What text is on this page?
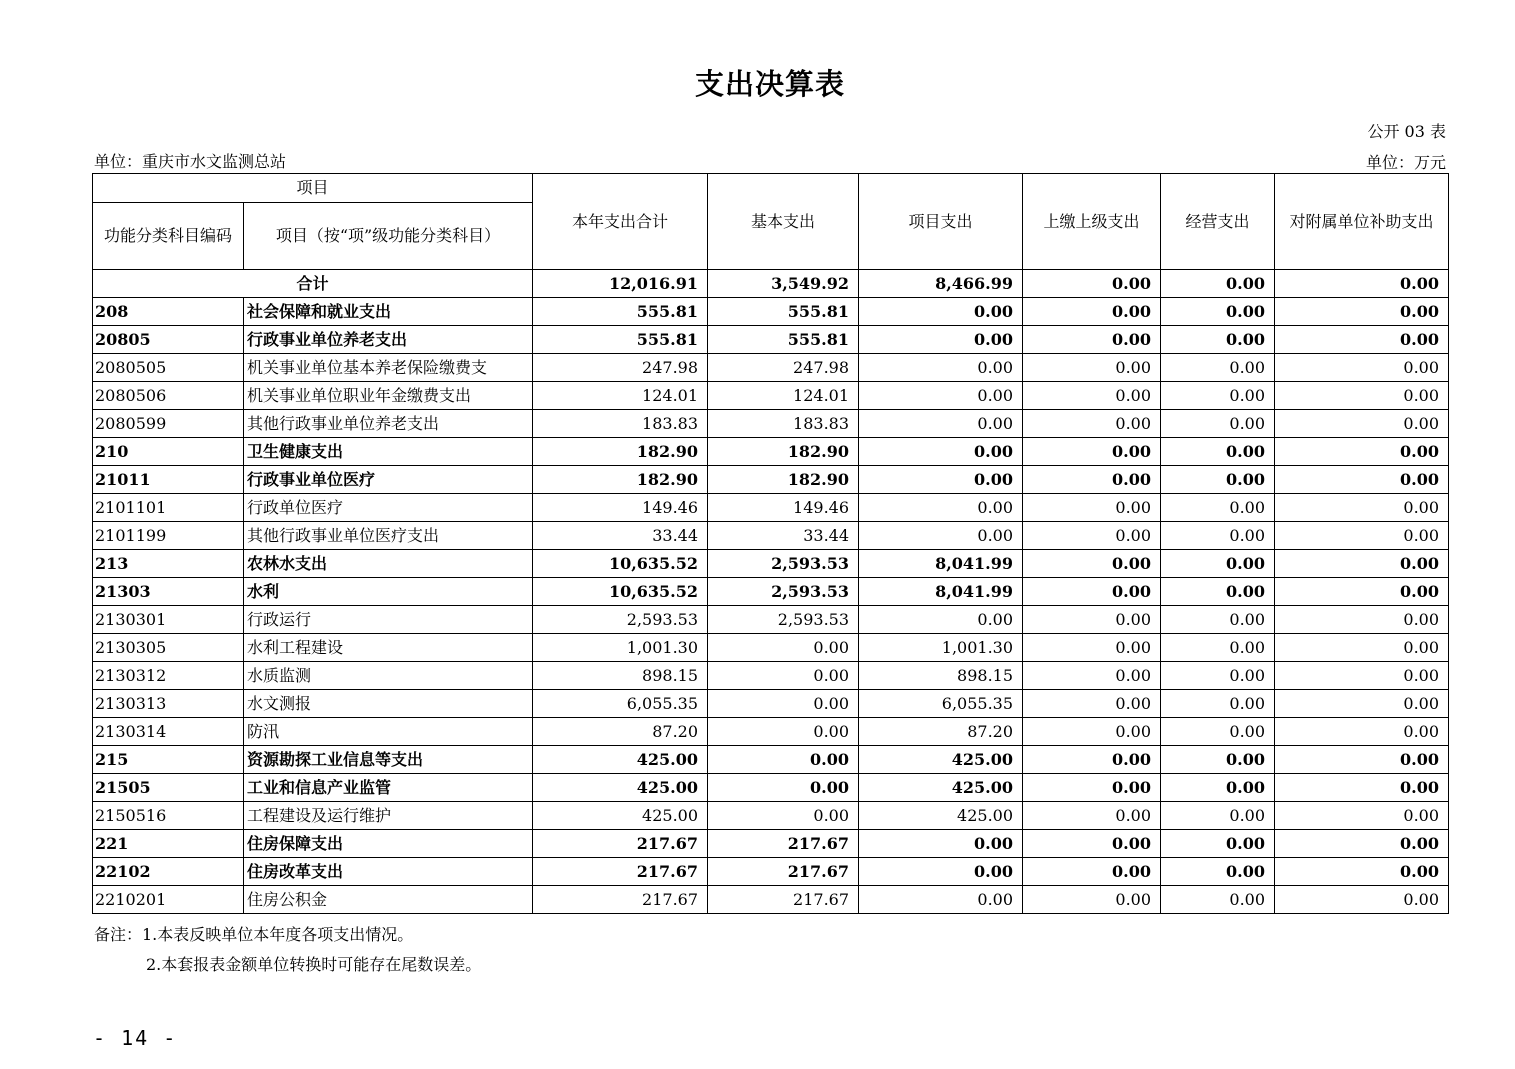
支出决算表
公开 03 表
单位：重庆市水文监测总站	单位：万元
项目		本年支出合计	基本支出	项目支出	上缴上级支出	经营支出	对附属单位补助支出
功能分类科目编码	项目（按“项”级功能分类科目）						
合计		12,016.91	3,549.92	8,466.99	0.00	0.00	0.00
208	社会保障和就业支出	555.81	555.81	0.00	0.00	0.00	0.00
20805	行政事业单位养老支出	555.81	555.81	0.00	0.00	0.00	0.00
2080505	机关事业单位基本养老保险缴费支	247.98	247.98	0.00	0.00	0.00	0.00
2080506	机关事业单位职业年金缴费支出	124.01	124.01	0.00	0.00	0.00	0.00
2080599	其他行政事业单位养老支出	183.83	183.83	0.00	0.00	0.00	0.00
210	卫生健康支出	182.90	182.90	0.00	0.00	0.00	0.00
21011	行政事业单位医疗	182.90	182.90	0.00	0.00	0.00	0.00
2101101	行政单位医疗	149.46	149.46	0.00	0.00	0.00	0.00
2101199	其他行政事业单位医疗支出	33.44	33.44	0.00	0.00	0.00	0.00
213	农林水支出	10,635.52	2,593.53	8,041.99	0.00	0.00	0.00
21303	水利	10,635.52	2,593.53	8,041.99	0.00	0.00	0.00
2130301	行政运行	2,593.53	2,593.53	0.00	0.00	0.00	0.00
2130305	水利工程建设	1,001.30	0.00	1,001.30	0.00	0.00	0.00
2130312	水质监测	898.15	0.00	898.15	0.00	0.00	0.00
2130313	水文测报	6,055.35	0.00	6,055.35	0.00	0.00	0.00
2130314	防汛	87.20	0.00	87.20	0.00	0.00	0.00
215	资源勘探工业信息等支出	425.00	0.00	425.00	0.00	0.00	0.00
21505	工业和信息产业监管	425.00	0.00	425.00	0.00	0.00	0.00
2150516	工程建设及运行维护	425.00	0.00	425.00	0.00	0.00	0.00
221	住房保障支出	217.67	217.67	0.00	0.00	0.00	0.00
22102	住房改革支出	217.67	217.67	0.00	0.00	0.00	0.00
2210201	住房公积金	217.67	217.67	0.00	0.00	0.00	0.00
备注：1.本表反映单位本年度各项支出情况。
2.本套报表金额单位转换时可能存在尾数误差。
- 14 -
